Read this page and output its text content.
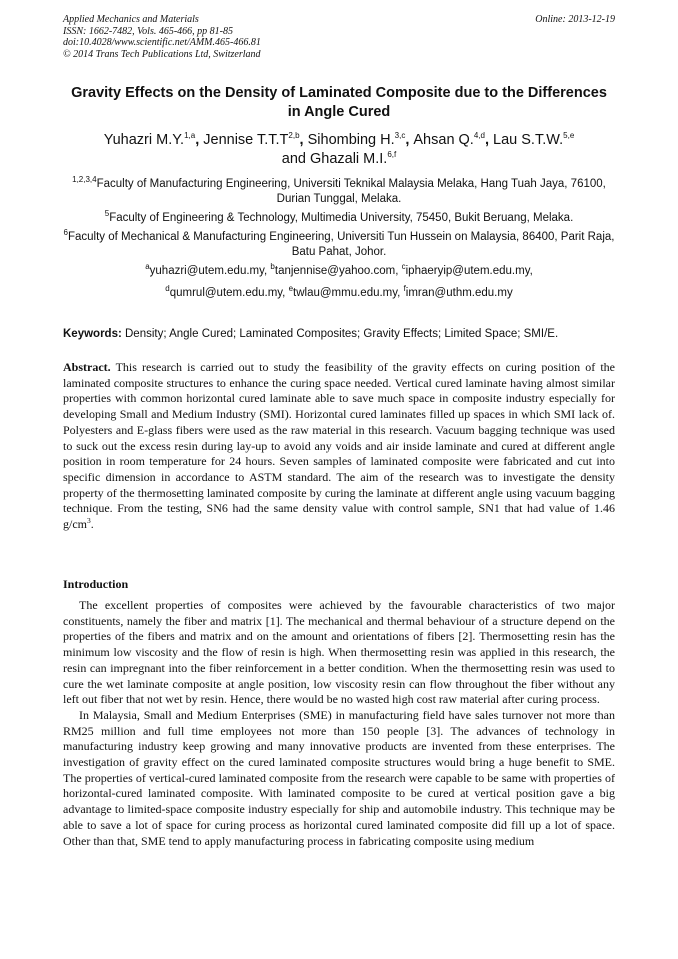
Applied Mechanics and Materials
ISSN: 1662-7482, Vols. 465-466, pp 81-85
doi:10.4028/www.scientific.net/AMM.465-466.81
© 2014 Trans Tech Publications Ltd, Switzerland
Online: 2013-12-19
Gravity Effects on the Density of Laminated Composite due to the Differences in Angle Cured
Yuhazri M.Y.$^{1,a}$, Jennise $T.T.T^{2,b}$, Sihombing H.$^{3,c}$, Ahsan Q.$^{4,d}$, Lau S.T.W.$^{5,e}$
and Ghazali M.I.$^{6,f}$
$^{1,2,3,4}$Faculty of Manufacturing Engineering, Universiti Teknikal Malaysia Melaka, Hang Tuah Jaya, 76100, Durian Tunggal, Melaka.
$^5$Faculty of Engineering & Technology, Multimedia University, 75450, Bukit Beruang, Melaka.
$^6$Faculty of Mechanical & Manufacturing Engineering, Universiti Tun Hussein on Malaysia, 86400, Parit Raja, Batu Pahat, Johor.
$^a$yuhazri@utem.edu.my, $^b$tanjennise@yahoo.com, $^c$iphaeryip@utem.edu.my,
$^d$qumrul@utem.edu.my, $^e$twlau@mmu.edu.my, $^f$imran@uthm.edu.my
Keywords: Density; Angle Cured; Laminated Composites; Gravity Effects; Limited Space; SMI/E.
Abstract. This research is carried out to study the feasibility of the gravity effects on curing position of the laminated composite structures to enhance the curing space needed. Vertical cured laminate having almost similar properties with common horizontal cured laminate able to save much space in composite industry especially for developing Small and Medium Industry (SMI). Horizontal cured laminates filled up spaces in which SMI lack of. Polyesters and E-glass fibers were used as the raw material in this research. Vacuum bagging technique was used to suck out the excess resin during lay-up to avoid any voids and air inside laminate and cured at different angle position in room temperature for 24 hours. Seven samples of laminated composite were fabricated and cut into specific dimension in accordance to ASTM standard. The aim of the research was to investigate the density property of the thermosetting laminated composite by curing the laminate at different angle using vacuum bagging technique. From the testing, SN6 had the same density value with control sample, SN1 that had value of 1.46 $g/cm^3$.
Introduction

The excellent properties of composites were achieved by the favourable characteristics of two major constituents, namely the fiber and matrix [1]. The mechanical and thermal behaviour of a structure depend on the properties of the fibers and matrix and on the amount and orientations of fibers [2]. Thermosetting resin has the minimum low viscosity and the flow of resin is high. When thermosetting resin was applied in this research, the resin can impregnant into the fiber reinforcement in a better condition. When the thermosetting resin was used to cure the wet laminate composite at angle position, low viscosity resin can flow throughout the fiber without any left out fiber that not wet by resin. Hence, there would be no wasted high cost raw material after curing process.

In Malaysia, Small and Medium Enterprises (SME) in manufacturing field have sales turnover not more than RM25 million and full time employees not more than 150 people [3]. The advances of technology in manufacturing industry keep growing and many innovative products are invented from these enterprises. The investigation of gravity effect on the cured laminated composite structures would bring a huge benefit to SME. The properties of vertical-cured laminated composite from the research were capable to be same with properties of horizontal-cured laminated composite. With laminated composite to be cured at vertical position gave a big advantage to limited-space composite industry especially for ship and automobile industry. This technique may be able to save a lot of space for curing process as horizontal cured laminated composite did fill up a lot of space. Other than that, SME tend to apply manufacturing process in fabricating composite using medium
